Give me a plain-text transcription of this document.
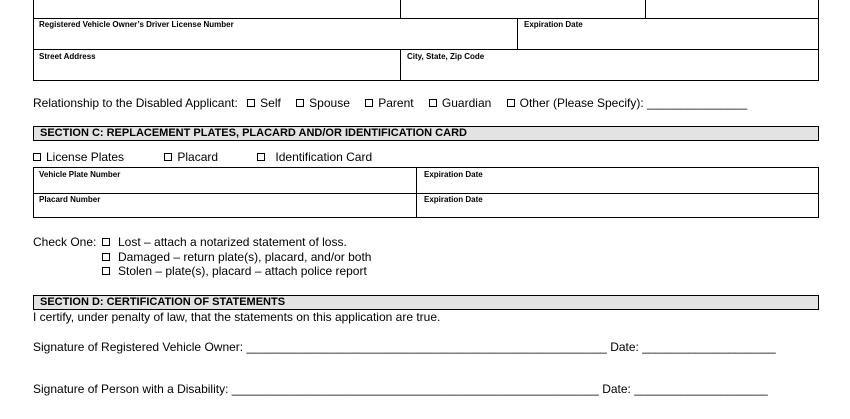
Registered Vehicle Owner’s Driver License Number	Expiration Date
Street Address	City, State, Zip Code
Relationship to the Disabled Applicant: Self Spouse Parent Guardian Other (Please Specify): _______________
SECTION C: REPLACEMENT PLATES, PLACARD AND/OR IDENTIFICATION CARD
License Plates	Placard	Identification Card
Vehicle Plate Number	Expiration Date
Placard Number	Expiration Date
Check One:	Lost – attach a notarized statement of loss.
Damaged – return plate(s), placard, and/or both
Stolen – plate(s), placard – attach police report
SECTION D: CERTIFICATION OF STATEMENTS
I certify, under penalty of law, that the statements on this application are true.
Signature of Registered Vehicle Owner: ______________________________________________________ Date: ____________________
Signature of Person with a Disability: _______________________________________________________ Date: ____________________
